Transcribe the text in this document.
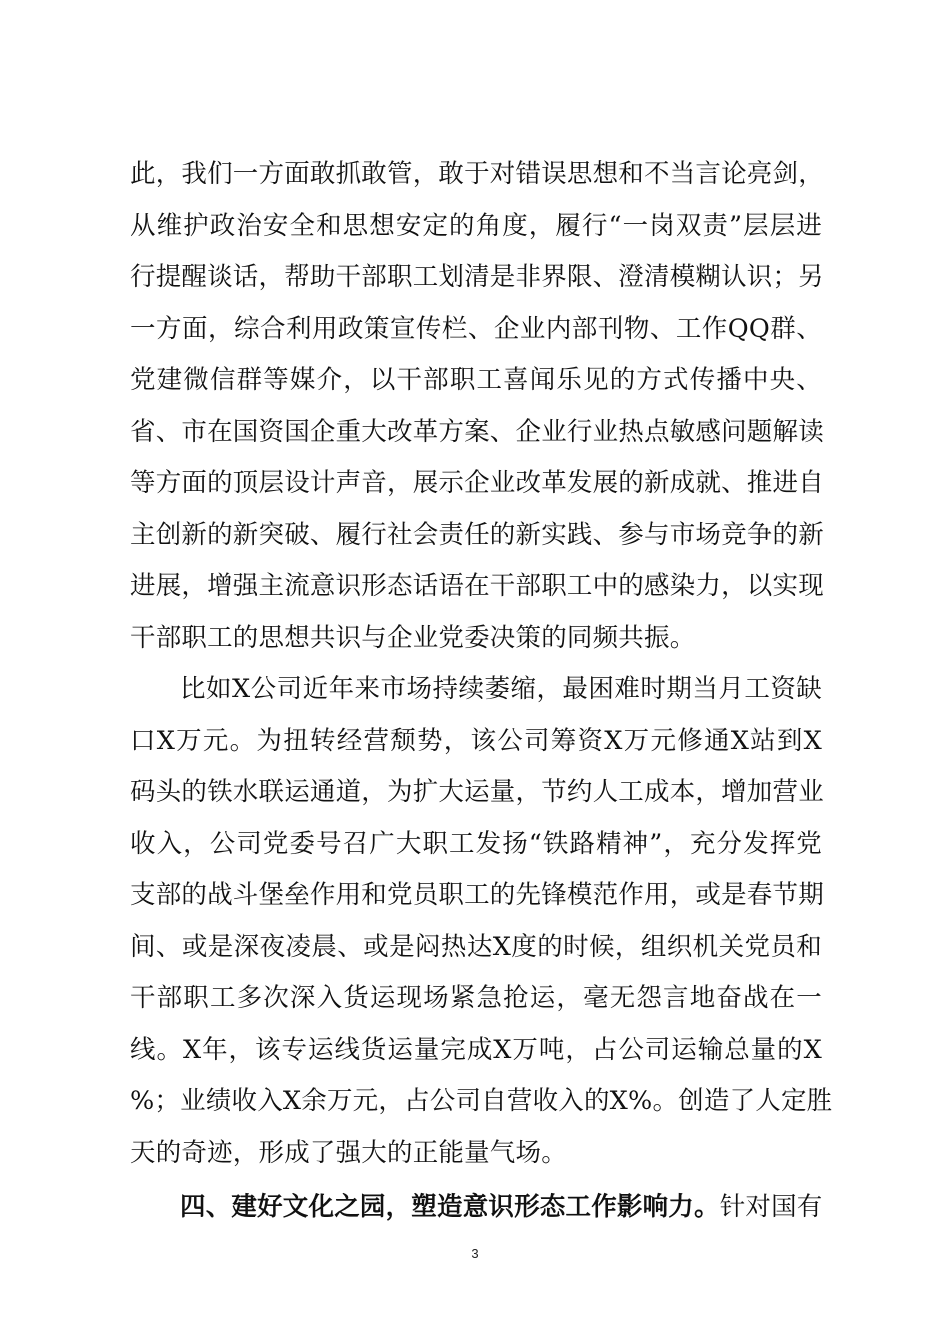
此，我们一方面敢抓敢管，敢于对错误思想和不当言论亮剑，
从维护政治安全和思想安定的角度，履行“一岗双责”层层进
行提醒谈话，帮助干部职工划清是非界限、澄清模糊认识；另
一方面，综合利用政策宣传栏、企业内部刊物、工作QQ群、
党建微信群等媒介，以干部职工喜闻乐见的方式传播中央、
省、市在国资国企重大改革方案、企业行业热点敏感问题解读
等方面的顶层设计声音，展示企业改革发展的新成就、推进自
主创新的新突破、履行社会责任的新实践、参与市场竞争的新
进展，增强主流意识形态话语在干部职工中的感染力，以实现
干部职工的思想共识与企业党委决策的同频共振。
比如X公司近年来市场持续萎缩，最困难时期当月工资缺
口X万元。为扭转经营颓势，该公司筹资X万元修通X站到X
码头的铁水联运通道，为扩大运量，节约人工成本，增加营业
收入，公司党委号召广大职工发扬“铁路精神”，充分发挥党
支部的战斗堡垒作用和党员职工的先锋模范作用，或是春节期
间、或是深夜凌晨、或是闷热达X度的时候，组织机关党员和
干部职工多次深入货运现场紧急抢运，毫无怨言地奋战在一
线。X年，该专运线货运量完成X万吨，占公司运输总量的X
%；业绩收入X余万元，占公司自营收入的X%。创造了人定胜
天的奇迹，形成了强大的正能量气场。
四、建好文化之园，塑造意识形态工作影响力。针对国有
3
